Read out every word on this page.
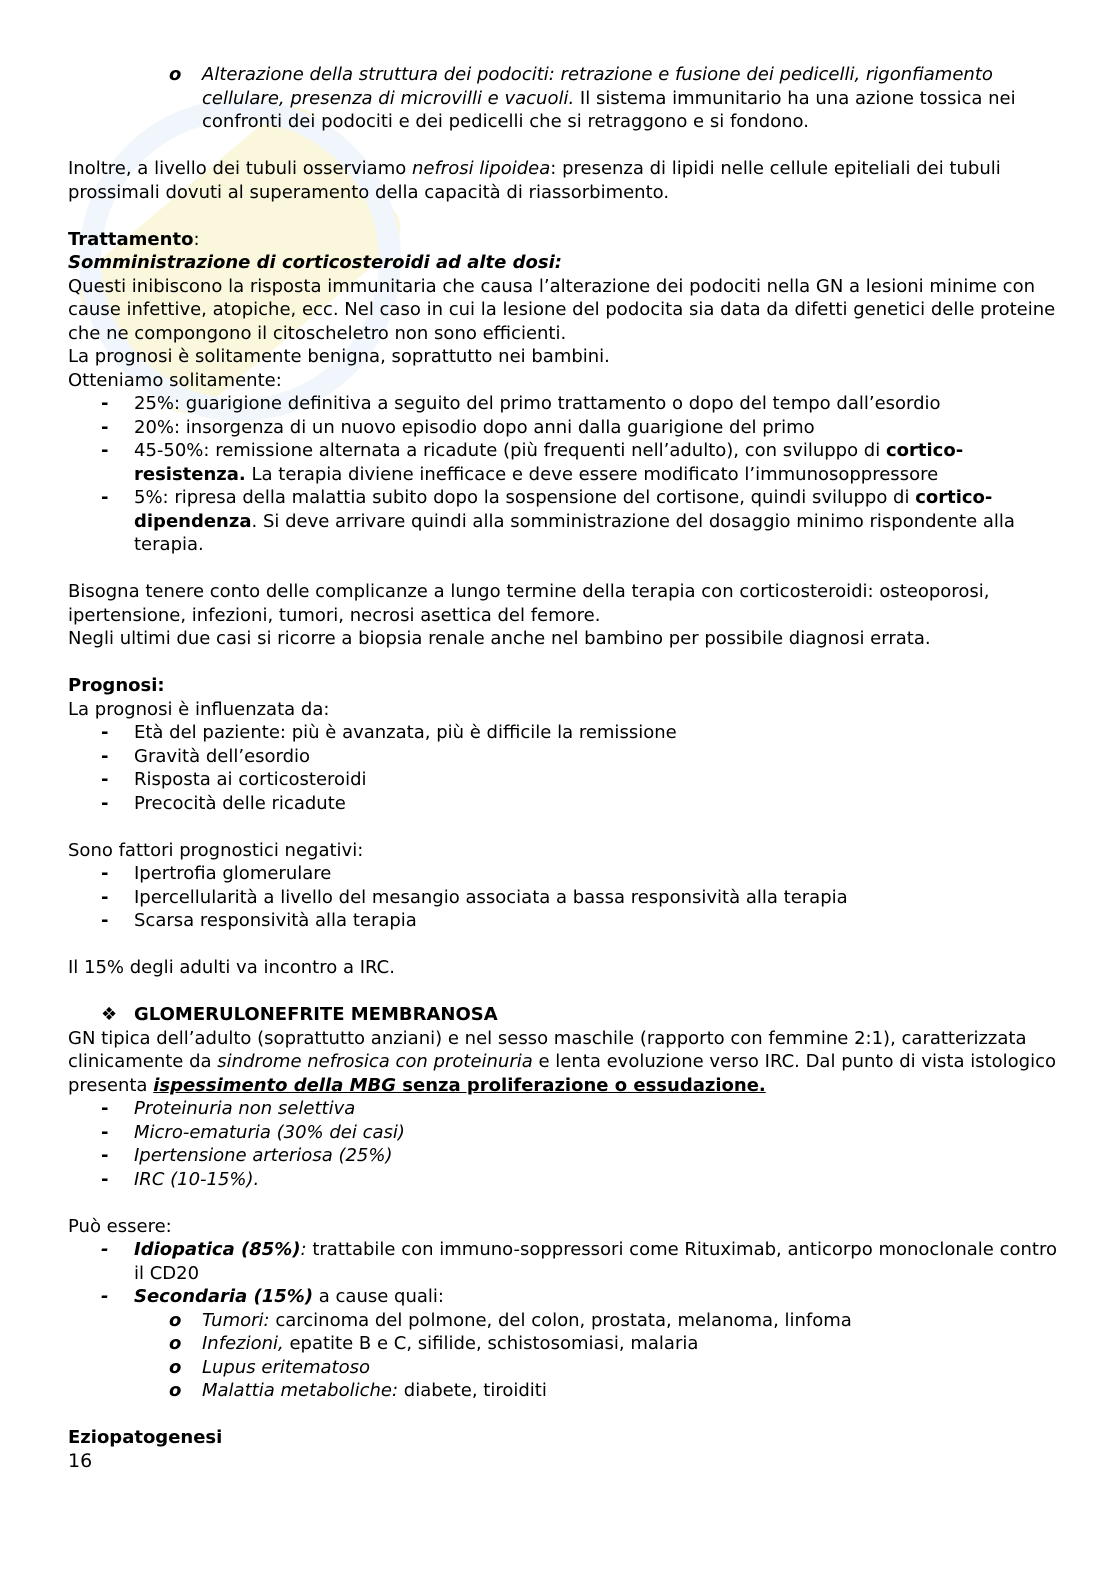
o Alterazione della struttura dei podociti: retrazione e fusione dei pedicelli, rigonfiamento cellulare, presenza di microvilli e vacuoli. Il sistema immunitario ha una azione tossica nei confronti dei podociti e dei pedicelli che si retraggono e si fondono.

Inoltre, a livello dei tubuli osserviamo nefrosi lipoidea: presenza di lipidi nelle cellule epiteliali dei tubuli prossimali dovuti al superamento della capacità di riassorbimento.

Trattamento:

Somministrazione di corticosteroidi ad alte dosi:

Questi inibiscono la risposta immunitaria che causa l’alterazione dei podociti nella GN a lesioni minime con cause infettive, atopiche, ecc. Nel caso in cui la lesione del podocita sia data da difetti genetici delle proteine che ne compongono il citoscheletro non sono efficienti.

La prognosi è solitamente benigna, soprattutto nei bambini.

Otteniamo solitamente:

- 25%: guarigione definitiva a seguito del primo trattamento o dopo del tempo dall’esordio
- 20%: insorgenza di un nuovo episodio dopo anni dalla guarigione del primo
- 45-50%: remissione alternata a ricadute (più frequenti nell’adulto), con sviluppo di cortico-resistenza. La terapia diviene inefficace e deve essere modificato l’immunosoppressore
- 5%: ripresa della malattia subito dopo la sospensione del cortisone, quindi sviluppo di cortico-dipendenza. Si deve arrivare quindi alla somministrazione del dosaggio minimo rispondente alla terapia.

Bisogna tenere conto delle complicanze a lungo termine della terapia con corticosteroidi: osteoporosi, ipertensione, infezioni, tumori, necrosi asettica del femore.

Negli ultimi due casi si ricorre a biopsia renale anche nel bambino per possibile diagnosi errata.

Prognosi:

La prognosi è influenzata da:

- Età del paziente: più è avanzata, più è difficile la remissione
- Gravità dell’esordio
- Risposta ai corticosteroidi
- Precocità delle ricadute

Sono fattori prognostici negativi:

- Ipertrofia glomerulare
- Ipercellularità a livello del mesangio associata a bassa responsività alla terapia
- Scarsa responsività alla terapia

Il 15% degli adulti va incontro a IRC.

❖ GLOMERULONEFRITE MEMBRANOSA

GN tipica dell’adulto (soprattutto anziani) e nel sesso maschile (rapporto con femmine 2:1), caratterizzata clinicamente da sindrome nefrosica con proteinuria e lenta evoluzione verso IRC. Dal punto di vista istologico presenta ispessimento della MBG senza proliferazione o essudazione.

- Proteinuria non selettiva
- Micro-ematuria (30% dei casi)
- Ipertensione arteriosa (25%)
- IRC (10-15%).

Può essere:

- Idiopatica (85%): trattabile con immuno-soppressori come Rituximab, anticorpo monoclonale contro il CD20
- Secondaria (15%) a cause quali:
o Tumori: carcinoma del polmone, del colon, prostata, melanoma, linfoma
o Infezioni, epatite B e C, sifilide, schistosomiasi, malaria
o Lupus eritematoso
o Malattia metaboliche: diabete, tiroiditi

Eziopatogenesi

16
